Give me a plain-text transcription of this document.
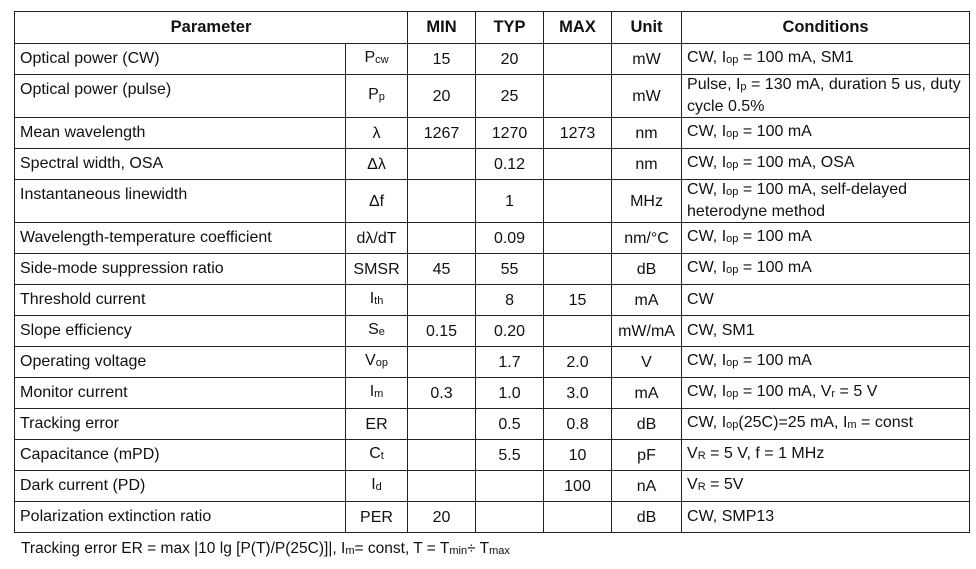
Parameter		MIN	TYP	MAX	Unit	Conditions
Optical power (CW)	$P_{cw}$	15	20		mW	CW, $I_{op} = 100$ mA, SM1
Optical power (pulse)	$P_p$	20	25		mW	Pulse, $I_p = 130$ mA, duration 5 us, duty cycle 0.5%
Mean wavelength	λ	1267	1270	1273	nm	CW, $I_{op} = 100$ mA
Spectral width, OSA	Δλ		0.12		nm	CW, $I_{op} = 100$ mA, OSA
Instantaneous linewidth	Δf		1		MHz	CW, $I_{op} = 100$ mA, self-delayed heterodyne method
Wavelength-temperature coefficient	dλ/dT		0.09		nm/°C	CW, $I_{op} = 100$ mA
Side-mode suppression ratio	SMSR	45	55		dB	CW, $I_{op} = 100$ mA
Threshold current	$I_{th}$		8	15	mA	CW
Slope efficiency	$S_e$	0.15	0.20		mW/mA	CW, SM1
Operating voltage	$V_{op}$		1.7	2.0	V	CW, $I_{op} = 100$ mA
Monitor current	$I_m$	0.3	1.0	3.0	mA	CW, $I_{op} = 100$ mA, $V_r = 5$ V
Tracking error	ER		0.5	0.8	dB	CW, $I_{op}(25C)=25$ mA, $I_m$ = const
Capacitance (mPD)	$C_t$		5.5	10	pF	$V_R = 5$ V, f = 1 MHz
Dark current (PD)	$I_d$			100	nA	$V_R = 5V$
Polarization extinction ratio	PER	20			dB	CW, SMP13
Tracking error ER = max |10 lg [P(T)/P(25C)]|, $I_m=$ const, $T = T_{min}\div T_{max}$
